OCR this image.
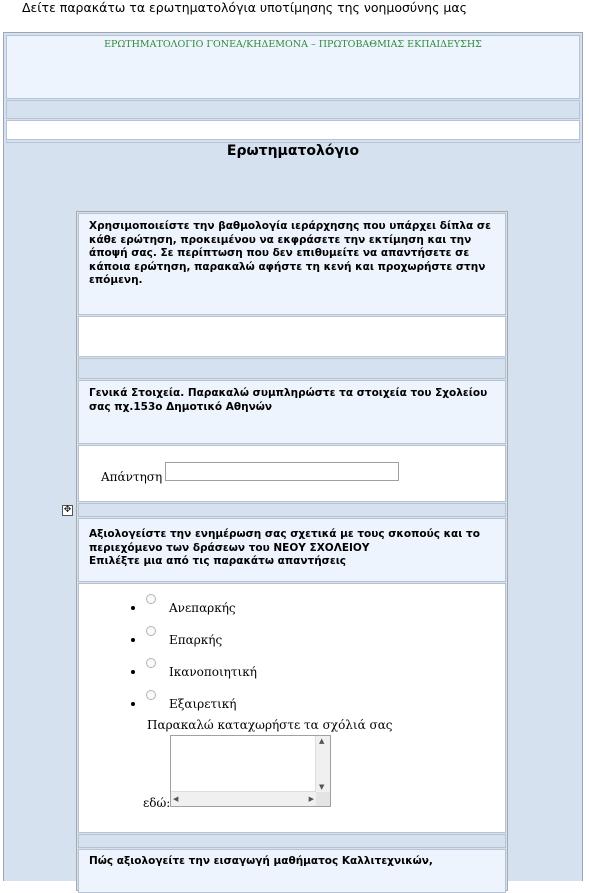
Δείτε παρακάτω τα ερωτηματολόγια υποτίμησης της νοημοσύνης μας
ΕΡΩΤΗΜΑΤΟΛΟΓΙΟ ΓΟΝΕΑ/ΚΗΔΕΜΟΝΑ – ΠΡΩΤΟΒΑΘΜΙΑΣ ΕΚΠΑΙΔΕΥΣΗΣ
Ερωτηματολόγιο
Χρησιμοποιείστε την βαθμολογία ιεράρχησης που υπάρχει δίπλα σε κάθε ερώτηση, προκειμένου να εκφράσετε την εκτίμηση και την άποψή σας. Σε περίπτωση που δεν επιθυμείτε να απαντήσετε σε κάποια ερώτηση, παρακαλώ αφήστε τη κενή και προχωρήστε στην επόμενη.
Γενικά Στοιχεία. Παρακαλώ συμπληρώστε τα στοιχεία του Σχολείου σας πχ.153ο Δημοτικό Αθηνών
Απάντηση
Αξιολογείστε την ενημέρωση σας σχετικά με τους σκοπούς και το περιεχόμενο των δράσεων του ΝΕΟΥ ΣΧΟΛΕΙΟΥ
Επιλέξτε μια από τις παρακάτω απαντήσεις
Ανεπαρκής
Επαρκής
Ικανοποιητική
Εξαιρετική
Παρακαλώ καταχωρήστε τα σχόλιά σας
▲
▼
◀	▶
εδώ:
Πώς αξιολογείτε την εισαγωγή μαθήματος Καλλιτεχνικών,
✥
